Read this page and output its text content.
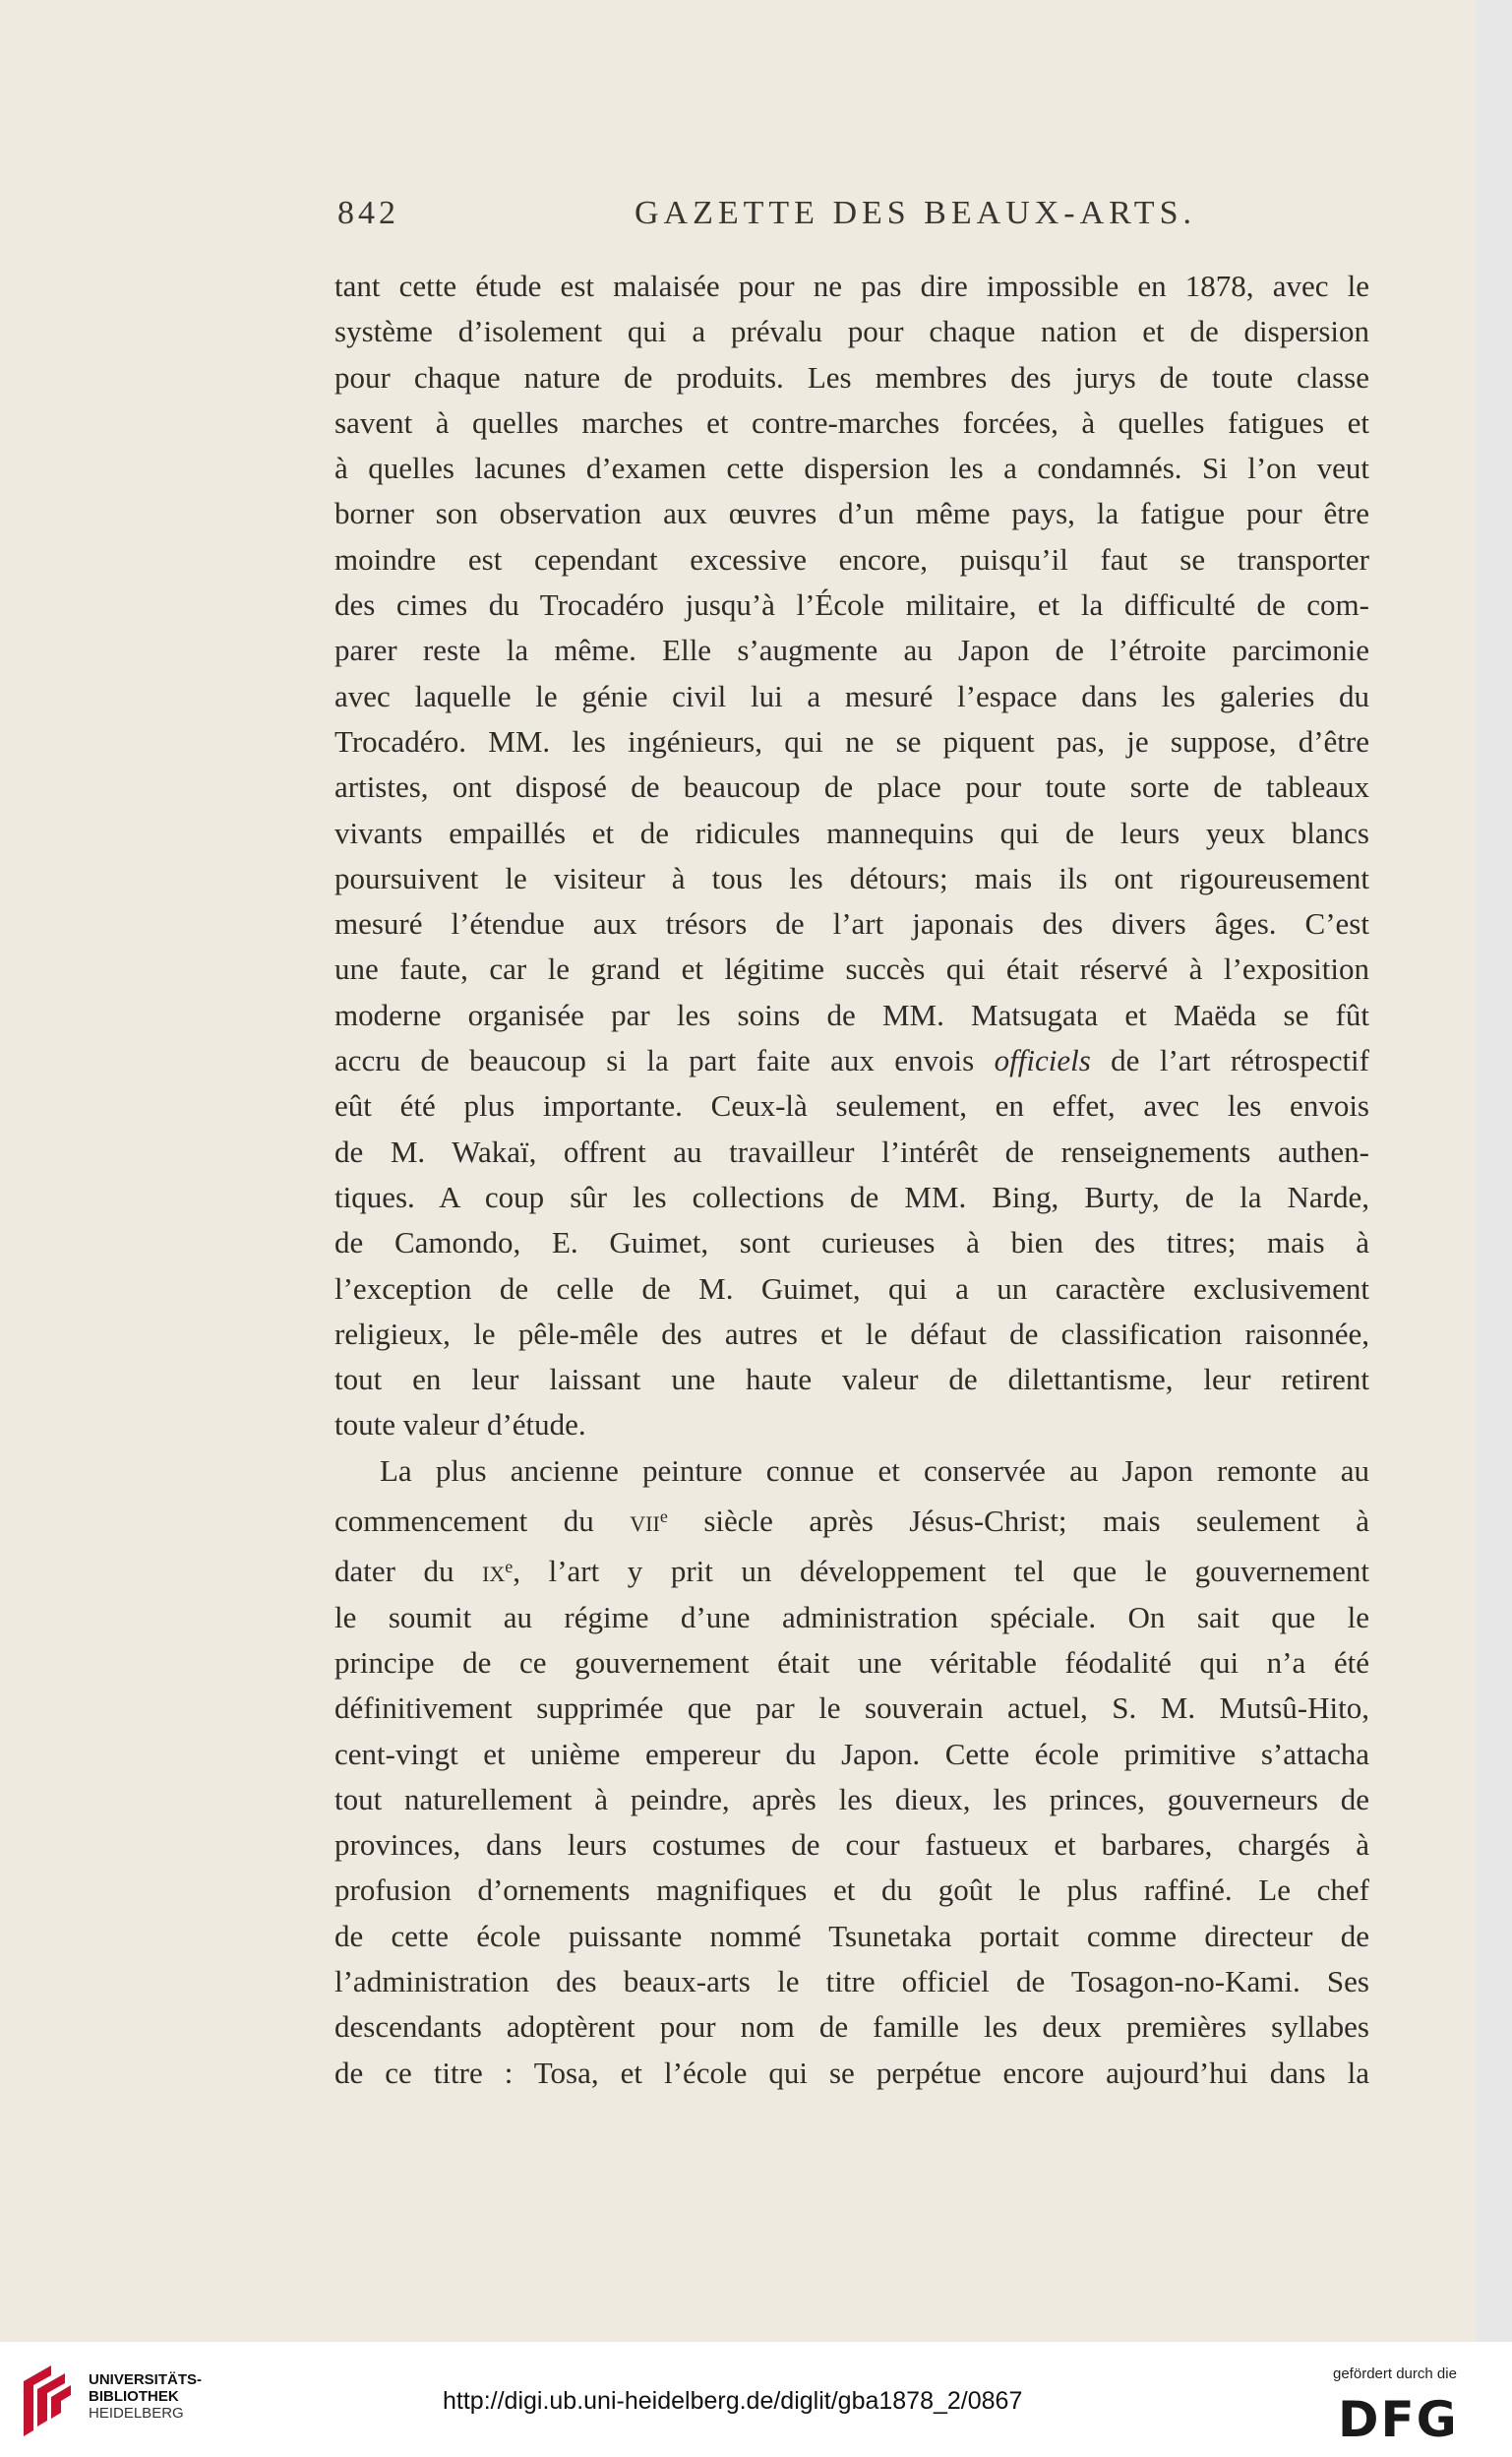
842	GAZETTE DES BEAUX-ARTS.
tant cette étude est malaisée pour ne pas dire impossible en 1878, avec le
système d’isolement qui a prévalu pour chaque nation et de dispersion
pour chaque nature de produits. Les membres des jurys de toute classe
savent à quelles marches et contre-marches forcées, à quelles fatigues et
à quelles lacunes d’examen cette dispersion les a condamnés. Si l’on veut
borner son observation aux œuvres d’un même pays, la fatigue pour être
moindre est cependant excessive encore, puisqu’il faut se transporter
des cimes du Trocadéro jusqu’à l’École militaire, et la difficulté de com-
parer reste la même. Elle s’augmente au Japon de l’étroite parcimonie
avec laquelle le génie civil lui a mesuré l’espace dans les galeries du
Trocadéro. MM. les ingénieurs, qui ne se piquent pas, je suppose, d’être
artistes, ont disposé de beaucoup de place pour toute sorte de tableaux
vivants empaillés et de ridicules mannequins qui de leurs yeux blancs
poursuivent le visiteur à tous les détours; mais ils ont rigoureusement
mesuré l’étendue aux trésors de l’art japonais des divers âges. C’est
une faute, car le grand et légitime succès qui était réservé à l’exposition
moderne organisée par les soins de MM. Matsugata et Maëda se fût
accru de beaucoup si la part faite aux envois officiels de l’art rétrospectif
eût été plus importante. Ceux-là seulement, en effet, avec les envois
de M. Wakaï, offrent au travailleur l’intérêt de renseignements authen-
tiques. A coup sûr les collections de MM. Bing, Burty, de la Narde,
de Camondo, E. Guimet, sont curieuses à bien des titres; mais à
l’exception de celle de M. Guimet, qui a un caractère exclusivement
religieux, le pêle-mêle des autres et le défaut de classification raisonnée,
tout en leur laissant une haute valeur de dilettantisme, leur retirent
toute valeur d’étude.
La plus ancienne peinture connue et conservée au Japon remonte au
commencement du vii$^e$ siècle après Jésus-Christ; mais seulement à
dater du $ix^e$, l’art y prit un développement tel que le gouvernement
le soumit au régime d’une administration spéciale. On sait que le
principe de ce gouvernement était une véritable féodalité qui n’a été
définitivement supprimée que par le souverain actuel, S. M. Mutsû-Hito,
cent-vingt et unième empereur du Japon. Cette école primitive s’attacha
tout naturellement à peindre, après les dieux, les princes, gouverneurs de
provinces, dans leurs costumes de cour fastueux et barbares, chargés à
profusion d’ornements magnifiques et du goût le plus raffiné. Le chef
de cette école puissante nommé Tsunetaka portait comme directeur de
l’administration des beaux-arts le titre officiel de Tosagon-no-Kami. Ses
descendants adoptèrent pour nom de famille les deux premières syllabes
de ce titre : Tosa, et l’école qui se perpétue encore aujourd’hui dans la
UNIVERSITÄTS-
BIBLIOTHEK
HEIDELBERG	http://digi.ub.uni-heidelberg.de/diglit/gba1878_2/0867
gefördert durch die
DFG
